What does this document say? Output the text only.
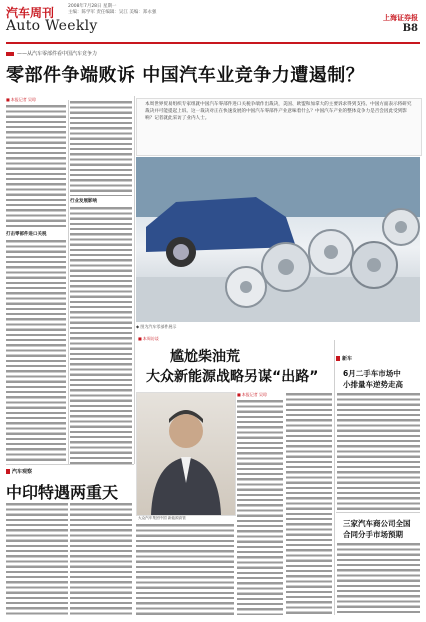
汽车周刊	2008年7月28日 星期一
主编：陈学军 责任编辑：吴江 美编：郑永强
上海证券报
Auto Weekly	B8
——从汽车零部件看中国汽车竞争力
零部件争端败诉 中国汽车业竞争力遭遏制？
■ 本报记者 吴琼
打击零部件进口关税
行业发展影响
本周世界贸易组织专家组就中国汽车零部件进口关税争端作出裁决，美国、欧盟和加拿大的主要诉求得到支持。中国方面表示将研究裁决并可能提起上诉。这一裁决对正在快速发展的中国汽车零部件产业意味着什么？中国汽车产业的整体竞争力是否会因此受到影响？记者就此采访了业内人士。
◆ 图为汽车零部件展示
■ 本周访谈
尴尬柴油荒
大众新能源战略另谋“出路”
大众汽车集团中国 新能源高管
■ 本报记者 吴琼
汽车观察
中印特遇两重天
新车
6月二手车市场中
小排量车逆势走高
三家汽车商公司全国
合同分手市场预期
